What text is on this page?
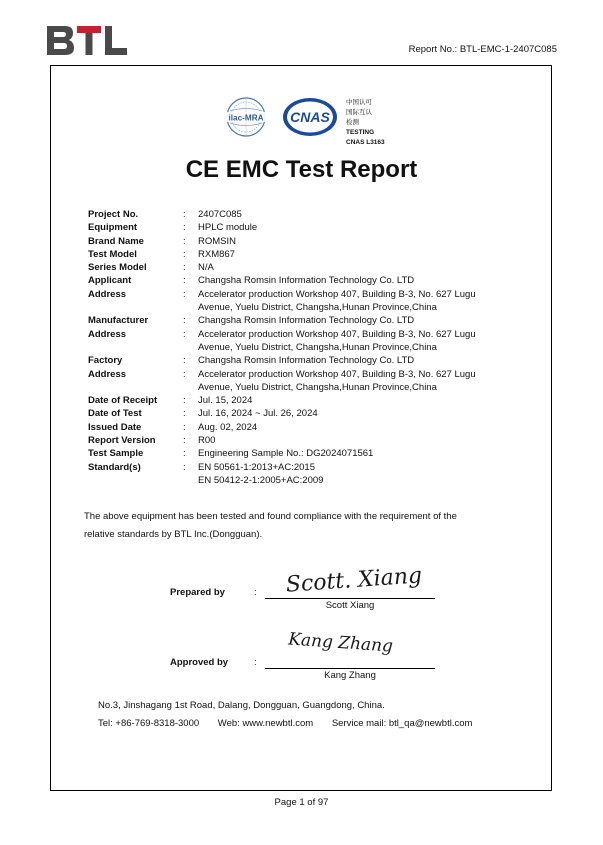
Report No.: BTL-EMC-1-2407C085
ilac-MRA CNAS
中国认可
国际互认
检测
TESTING
CNAS L3163
CE EMC Test Report
Project No.	:	2407C085
Equipment	:	HPLC module
Brand Name	:	ROMSIN
Test Model	:	RXM867
Series Model	:	N/A
Applicant	:	Changsha Romsin Information Technology Co. LTD
Address	:	Accelerator production Workshop 407, Building B-3, No. 627 Lugu
Avenue, Yuelu District, Changsha,Hunan Province,China
Manufacturer	:	Changsha Romsin Information Technology Co. LTD
Address	:	Accelerator production Workshop 407, Building B-3, No. 627 Lugu
Avenue, Yuelu District, Changsha,Hunan Province,China
Factory	:	Changsha Romsin Information Technology Co. LTD
Address	:	Accelerator production Workshop 407, Building B-3, No. 627 Lugu
Avenue, Yuelu District, Changsha,Hunan Province,China
Date of Receipt	:	Jul. 15, 2024
Date of Test	:	Jul. 16, 2024 ~ Jul. 26, 2024
Issued Date	:	Aug. 02, 2024
Report Version	:	R00
Test Sample	:	Engineering Sample No.: DG2024071561
Standard(s)	:	EN 50561-1:2013+AC:2015
EN 50412-2-1:2005+AC:2009
The above equipment has been tested and found compliance with the requirement of the
relative standards by BTL Inc.(Dongguan).
Prepared by	: Scott. Xiang
Scott Xiang
Approved by	:
Kang Zhang
Kang Zhang
No.3, Jinshagang 1st Road, Dalang, Dongguan, Guangdong, China.
Tel: +86-769-8318-3000 Web: www.newbtl.com Service mail: btl_qa@newbtl.com
Page 1 of 97
